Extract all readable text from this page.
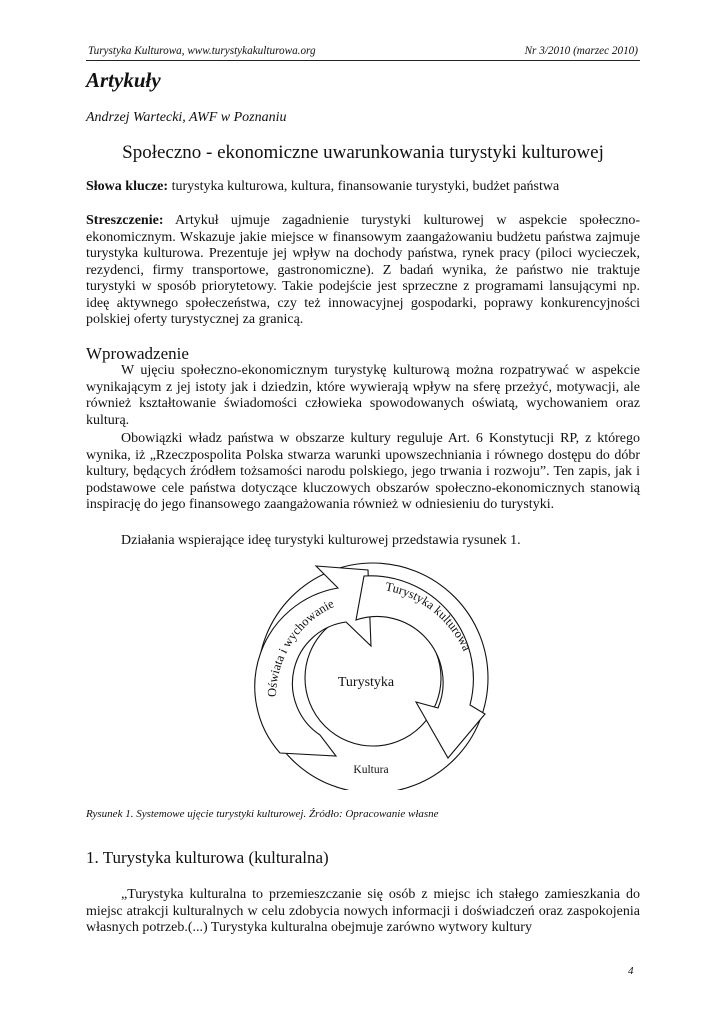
Turystyka Kulturowa, www.turystykakulturowa.org	Nr 3/2010 (marzec 2010)
Artykuły
Andrzej Wartecki, AWF w Poznaniu
Społeczno - ekonomiczne uwarunkowania turystyki kulturowej

Słowa klucze: turystyka kulturowa, kultura, finansowanie turystyki, budżet państwa

Streszczenie: Artykuł ujmuje zagadnienie turystyki kulturowej w aspekcie społeczno-ekonomicznym. Wskazuje jakie miejsce w finansowym zaangażowaniu budżetu państwa zajmuje turystyka kulturowa. Prezentuje jej wpływ na dochody państwa, rynek pracy (piloci wycieczek, rezydenci, firmy transportowe, gastronomiczne). Z badań wynika, że państwo nie traktuje turystyki w sposób priorytetowy. Takie podejście jest sprzeczne z programami lansującymi np. ideę aktywnego społeczeństwa, czy też innowacyjnej gospodarki, poprawy konkurencyjności polskiej oferty turystycznej za granicą.

Wprowadzenie

W ujęciu społeczno-ekonomicznym turystykę kulturową można rozpatrywać w aspekcie wynikającym z jej istoty jak i dziedzin, które wywierają wpływ na sferę przeżyć, motywacji, ale również kształtowanie świadomości człowieka spowodowanych oświatą, wychowaniem oraz kulturą.

Obowiązki władz państwa w obszarze kultury reguluje Art. 6 Konstytucji RP, z którego wynika, iż „Rzeczpospolita Polska stwarza warunki upowszechniania i równego dostępu do dóbr kultury, będących źródłem tożsamości narodu polskiego, jego trwania i rozwoju”. Ten zapis, jak i podstawowe cele państwa dotyczące kluczowych obszarów społeczno-ekonomicznych stanowią inspirację do jego finansowego zaangażowania również w odniesieniu do turystyki.

Działania wspierające ideę turystyki kulturowej przedstawia rysunek 1.

Oświata i wychowanie
Turystyka kulturowa
Turystyka
Kultura
Rysunek 1. Systemowe ujęcie turystyki kulturowej. Źródło: Opracowanie własne
1. Turystyka kulturowa (kulturalna)

„Turystyka kulturalna to przemieszczanie się osób z miejsc ich stałego zamieszkania do miejsc atrakcji kulturalnych w celu zdobycia nowych informacji i doświadczeń oraz zaspokojenia własnych potrzeb.(...) Turystyka kulturalna obejmuje zarówno wytwory kultury

4
